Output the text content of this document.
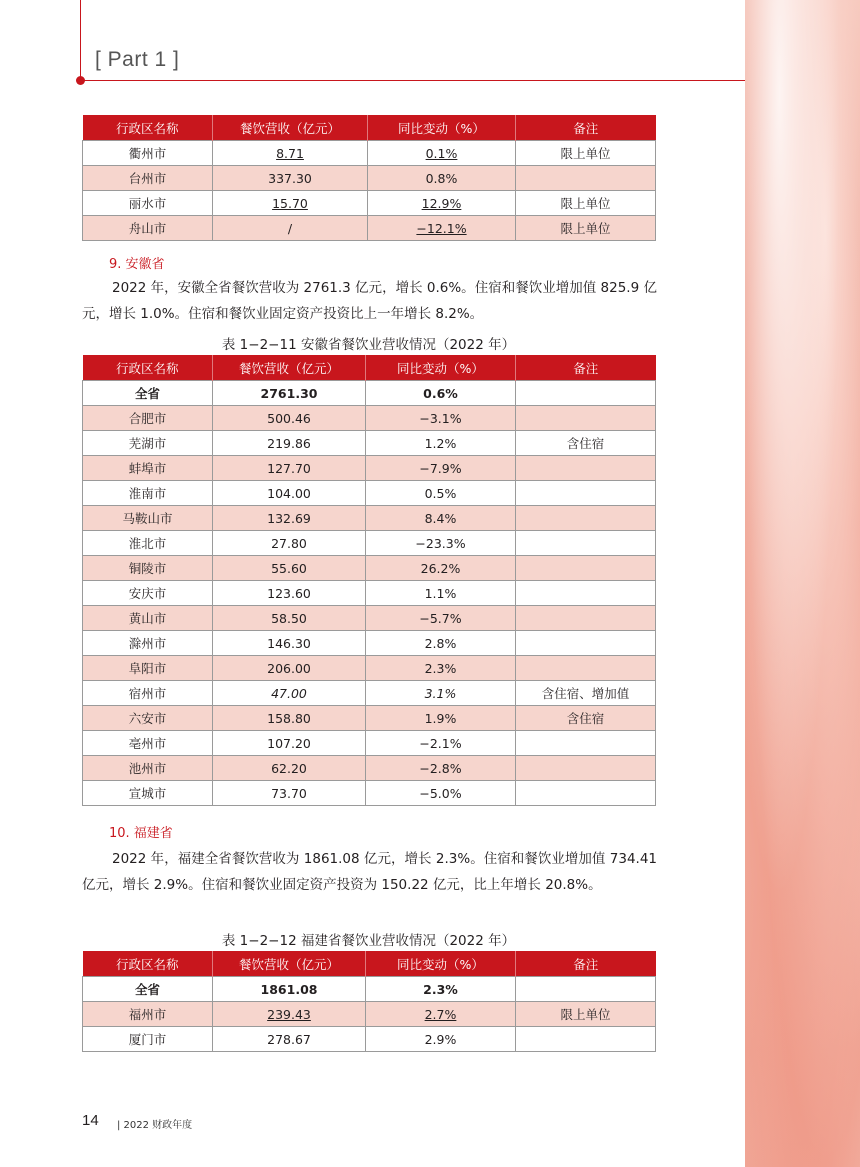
[ Part 1 ]
行政区名称	餐饮营收（亿元）	同比变动（%）	备注
衢州市	8.71	0.1%	限上单位
台州市	337.30	0.8%	
丽水市	15.70	12.9%	限上单位
舟山市	/	−12.1%	限上单位
9. 安徽省
2022 年，安徽全省餐饮营收为 2761.3 亿元，增长 0.6%。住宿和餐饮业增加值 825.9 亿元，增长 1.0%。住宿和餐饮业固定资产投资比上一年增长 8.2%。
表 1−2−11 安徽省餐饮业营收情况（2022 年）
行政区名称	餐饮营收（亿元）	同比变动（%）	备注
全省	2761.30	0.6%	
合肥市	500.46	−3.1%	
芜湖市	219.86	1.2%	含住宿
蚌埠市	127.70	−7.9%	
淮南市	104.00	0.5%	
马鞍山市	132.69	8.4%	
淮北市	27.80	−23.3%	
铜陵市	55.60	26.2%	
安庆市	123.60	1.1%	
黄山市	58.50	−5.7%	
滁州市	146.30	2.8%	
阜阳市	206.00	2.3%	
宿州市	47.00	3.1%	含住宿、增加值
六安市	158.80	1.9%	含住宿
亳州市	107.20	−2.1%	
池州市	62.20	−2.8%	
宣城市	73.70	−5.0%	
10. 福建省
2022 年，福建全省餐饮营收为 1861.08 亿元，增长 2.3%。住宿和餐饮业增加值 734.41 亿元，增长 2.9%。住宿和餐饮业固定资产投资为 150.22 亿元，比上年增长 20.8%。
表 1−2−12 福建省餐饮业营收情况（2022 年）
行政区名称	餐饮营收（亿元）	同比变动（%）	备注
全省	1861.08	2.3%	
福州市	239.43	2.7%	限上单位
厦门市	278.67	2.9%	
14 | 2022 财政年度
